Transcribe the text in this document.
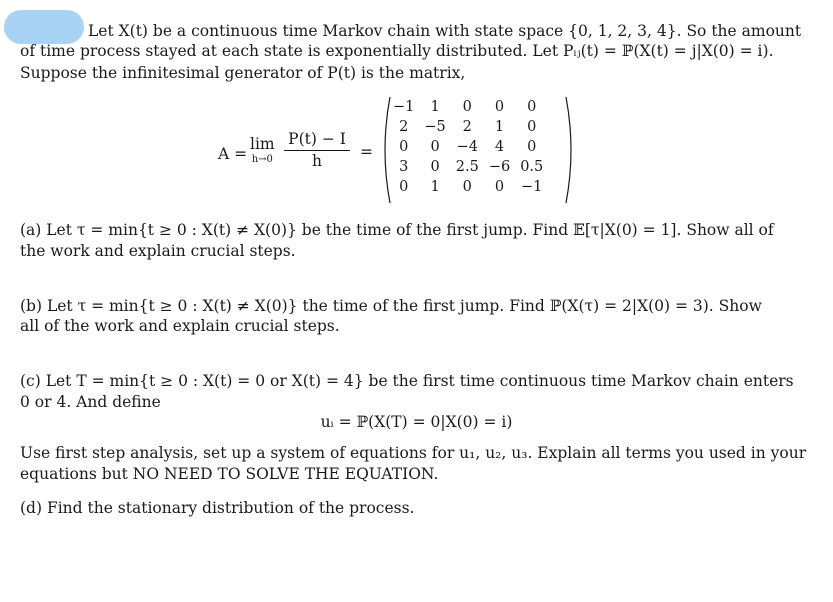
Let X(t) be a continuous time Markov chain with state space {0, 1, 2, 3, 4}. So the amount
of time process stayed at each state is exponentially distributed. Let Pᵢⱼ(t) = ℙ(X(t) = j|X(0) = i).
Suppose the infinitesimal generator of P(t) is the matrix,
A =
lim
h→0
P(t) − I
h
=
−1	1	0	0	0
2	−5	2	1	0
0	0	−4	4	0
3	0	2.5	−6	0.5
0	1	0	0	−1
(a) Let τ = min{t ≥ 0 : X(t) ≠ X(0)} be the time of the first jump. Find 𝔼[τ|X(0) = 1]. Show all of
the work and explain crucial steps.
(b) Let τ = min{t ≥ 0 : X(t) ≠ X(0)} the time of the first jump. Find ℙ(X(τ) = 2|X(0) = 3). Show
all of the work and explain crucial steps.
(c) Let T = min{t ≥ 0 : X(t) = 0 or X(t) = 4} be the first time continuous time Markov chain enters
0 or 4. And define
uᵢ = ℙ(X(T) = 0|X(0) = i)
Use first step analysis, set up a system of equations for u₁, u₂, u₃. Explain all terms you used in your
equations but NO NEED TO SOLVE THE EQUATION.
(d) Find the stationary distribution of the process.
